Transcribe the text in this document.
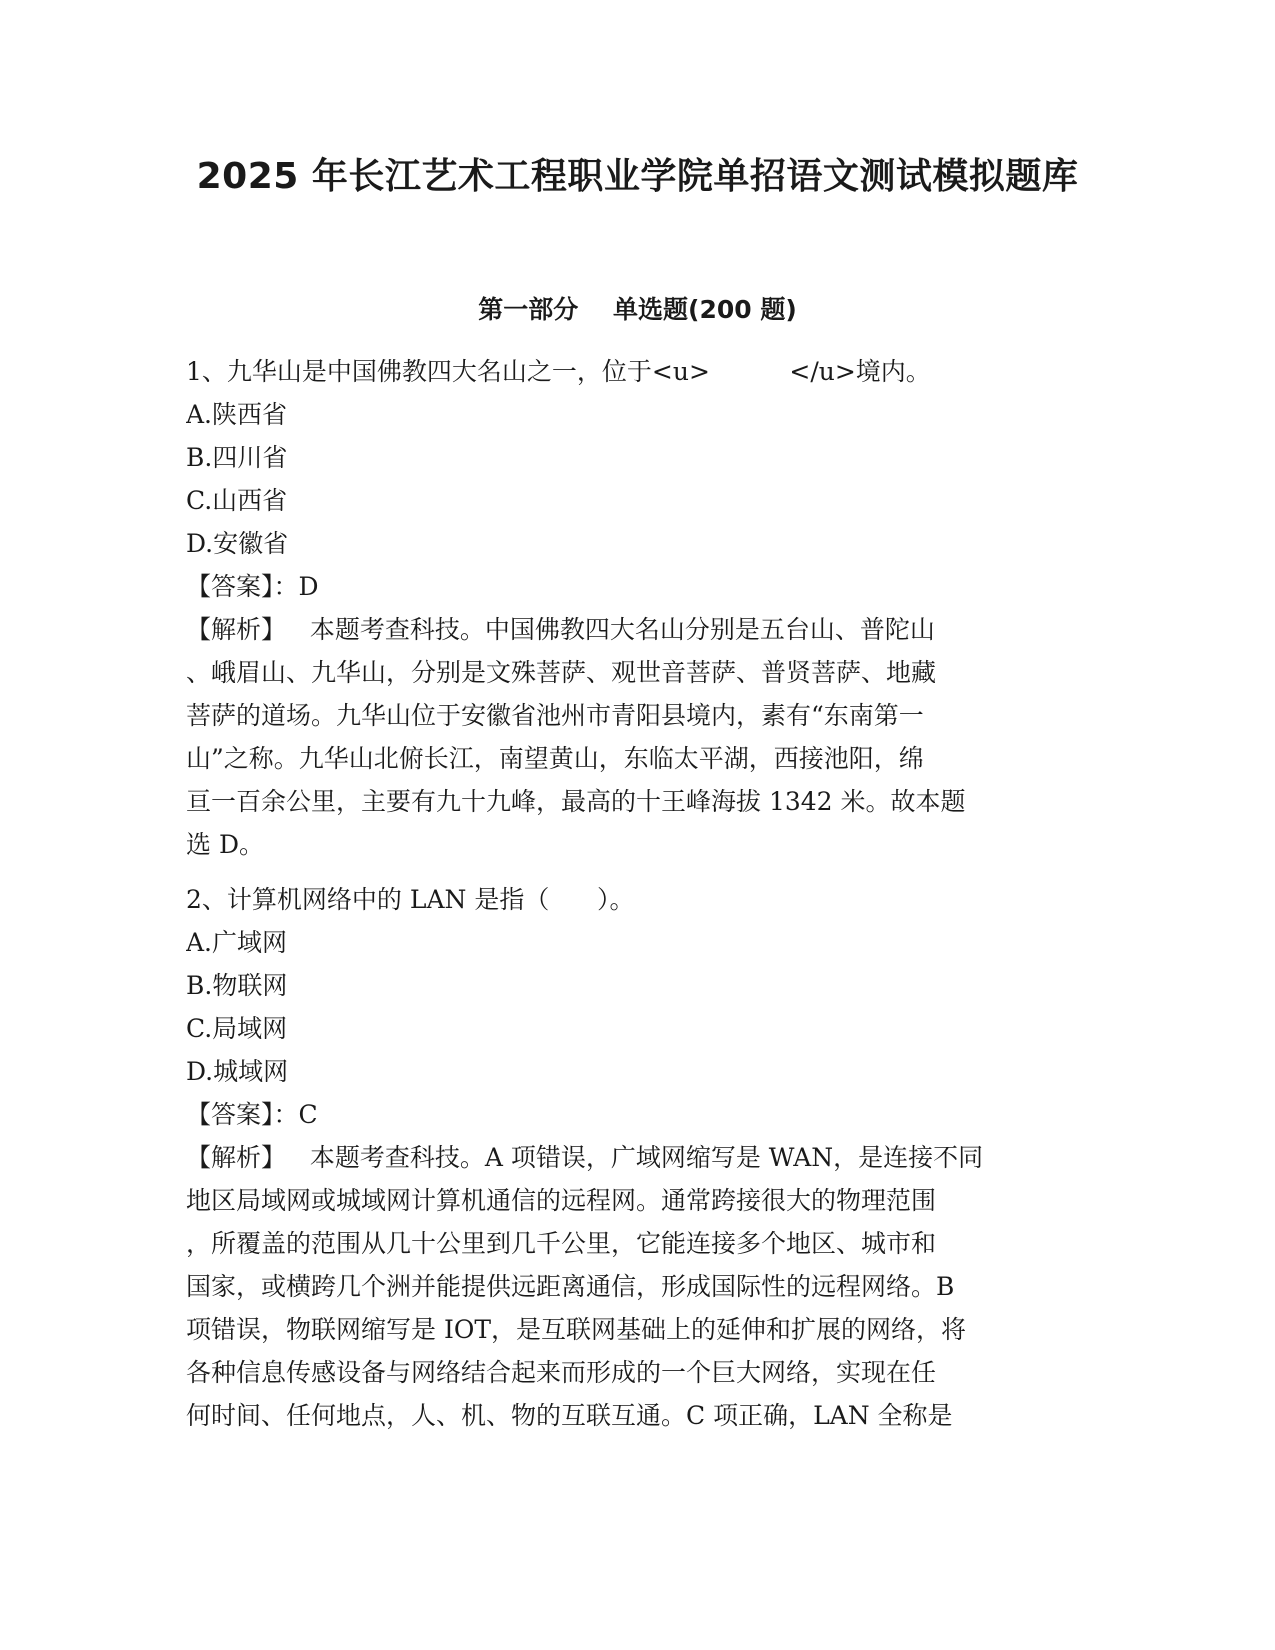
2025 年长江艺术工程职业学院单招语文测试模拟题库
第一部分    单选题(200 题)
1、九华山是中国佛教四大名山之一，位于<u>          </u>境内。
A.陕西省
B.四川省
C.山西省
D.安徽省
【答案】：D
【解析】   本题考查科技。中国佛教四大名山分别是五台山、普陀山
、峨眉山、九华山，分别是文殊菩萨、观世音菩萨、普贤菩萨、地藏
菩萨的道场。九华山位于安徽省池州市青阳县境内，素有“东南第一
山”之称。九华山北俯长江，南望黄山，东临太平湖，西接池阳，绵
亘一百余公里，主要有九十九峰，最高的十王峰海拔 1342 米。故本题
选 D。
2、计算机网络中的 LAN 是指（      ）。
A.广域网
B.物联网
C.局域网
D.城域网
【答案】：C
【解析】   本题考查科技。A 项错误，广域网缩写是 WAN，是连接不同
地区局域网或城域网计算机通信的远程网。通常跨接很大的物理范围
，所覆盖的范围从几十公里到几千公里，它能连接多个地区、城市和
国家，或横跨几个洲并能提供远距离通信，形成国际性的远程网络。B
项错误，物联网缩写是 IOT，是互联网基础上的延伸和扩展的网络，将
各种信息传感设备与网络结合起来而形成的一个巨大网络，实现在任
何时间、任何地点，人、机、物的互联互通。C 项正确，LAN 全称是
